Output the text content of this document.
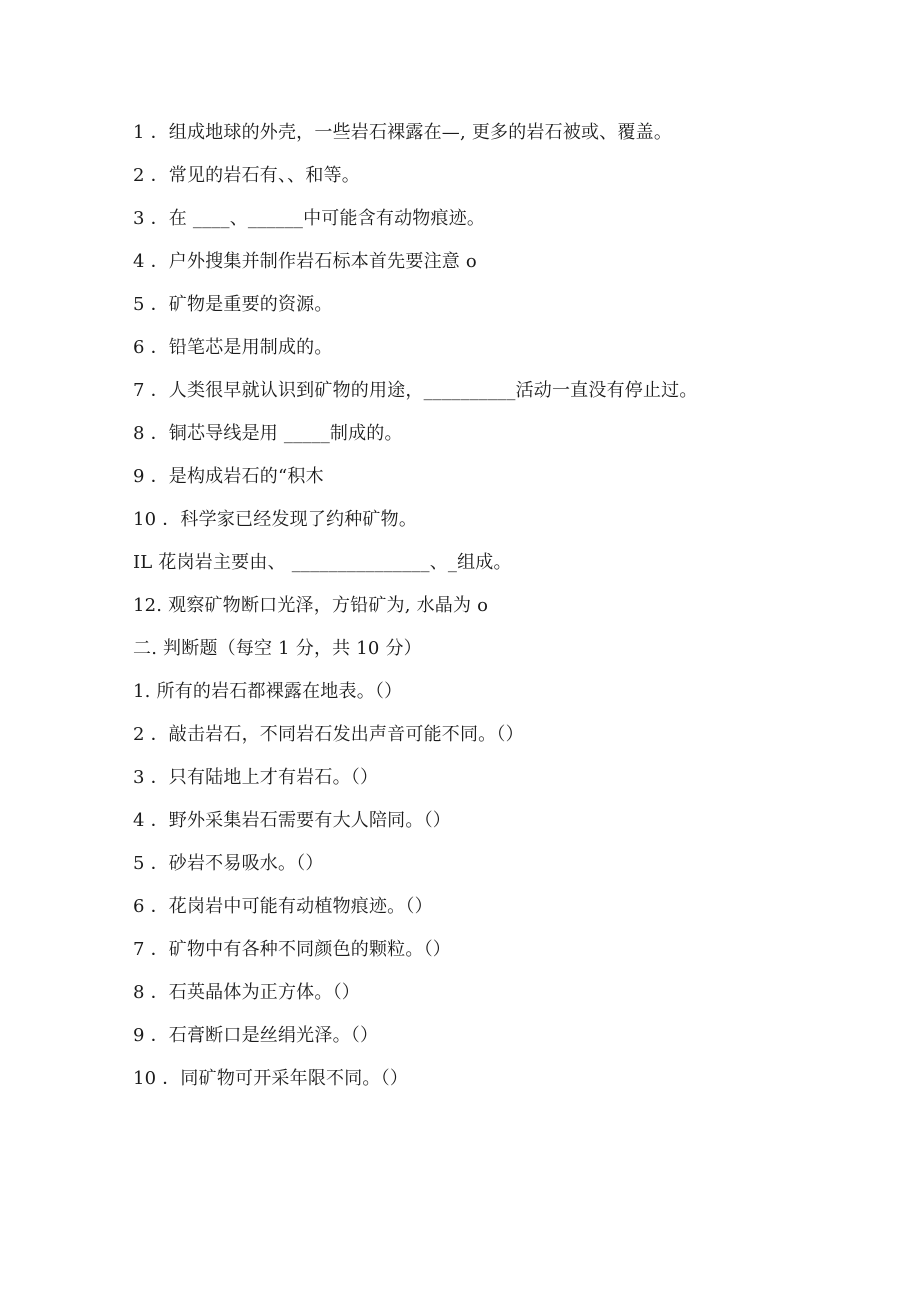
1 ．组成地球的外壳，一些岩石裸露在—, 更多的岩石被或、覆盖。
2 ．常见的岩石有、、和等。
3 ．在 ____、______中可能含有动物痕迹。
4 ．户外搜集并制作岩石标本首先要注意 o
5 ．矿物是重要的资源。
6 ．铅笔芯是用制成的。
7 ．人类很早就认识到矿物的用途，__________活动一直没有停止过。
8 ．铜芯导线是用 _____制成的。
9 ．是构成岩石的“积木
10 ．科学家已经发现了约种矿物。
IL 花岗岩主要由、 _______________、_组成。
12. 观察矿物断口光泽，方铅矿为, 水晶为 o
二. 判断题（每空 1 分，共 10 分）
1. 所有的岩石都裸露在地表。（）
2 ．敲击岩石，不同岩石发出声音可能不同。（）
3 ．只有陆地上才有岩石。（）
4 ．野外采集岩石需要有大人陪同。（）
5 ．砂岩不易吸水。（）
6 ．花岗岩中可能有动植物痕迹。（）
7 ．矿物中有各种不同颜色的颗粒。（）
8 ．石英晶体为正方体。（）
9 ．石膏断口是丝绢光泽。（）
10 ．同矿物可开采年限不同。（）
